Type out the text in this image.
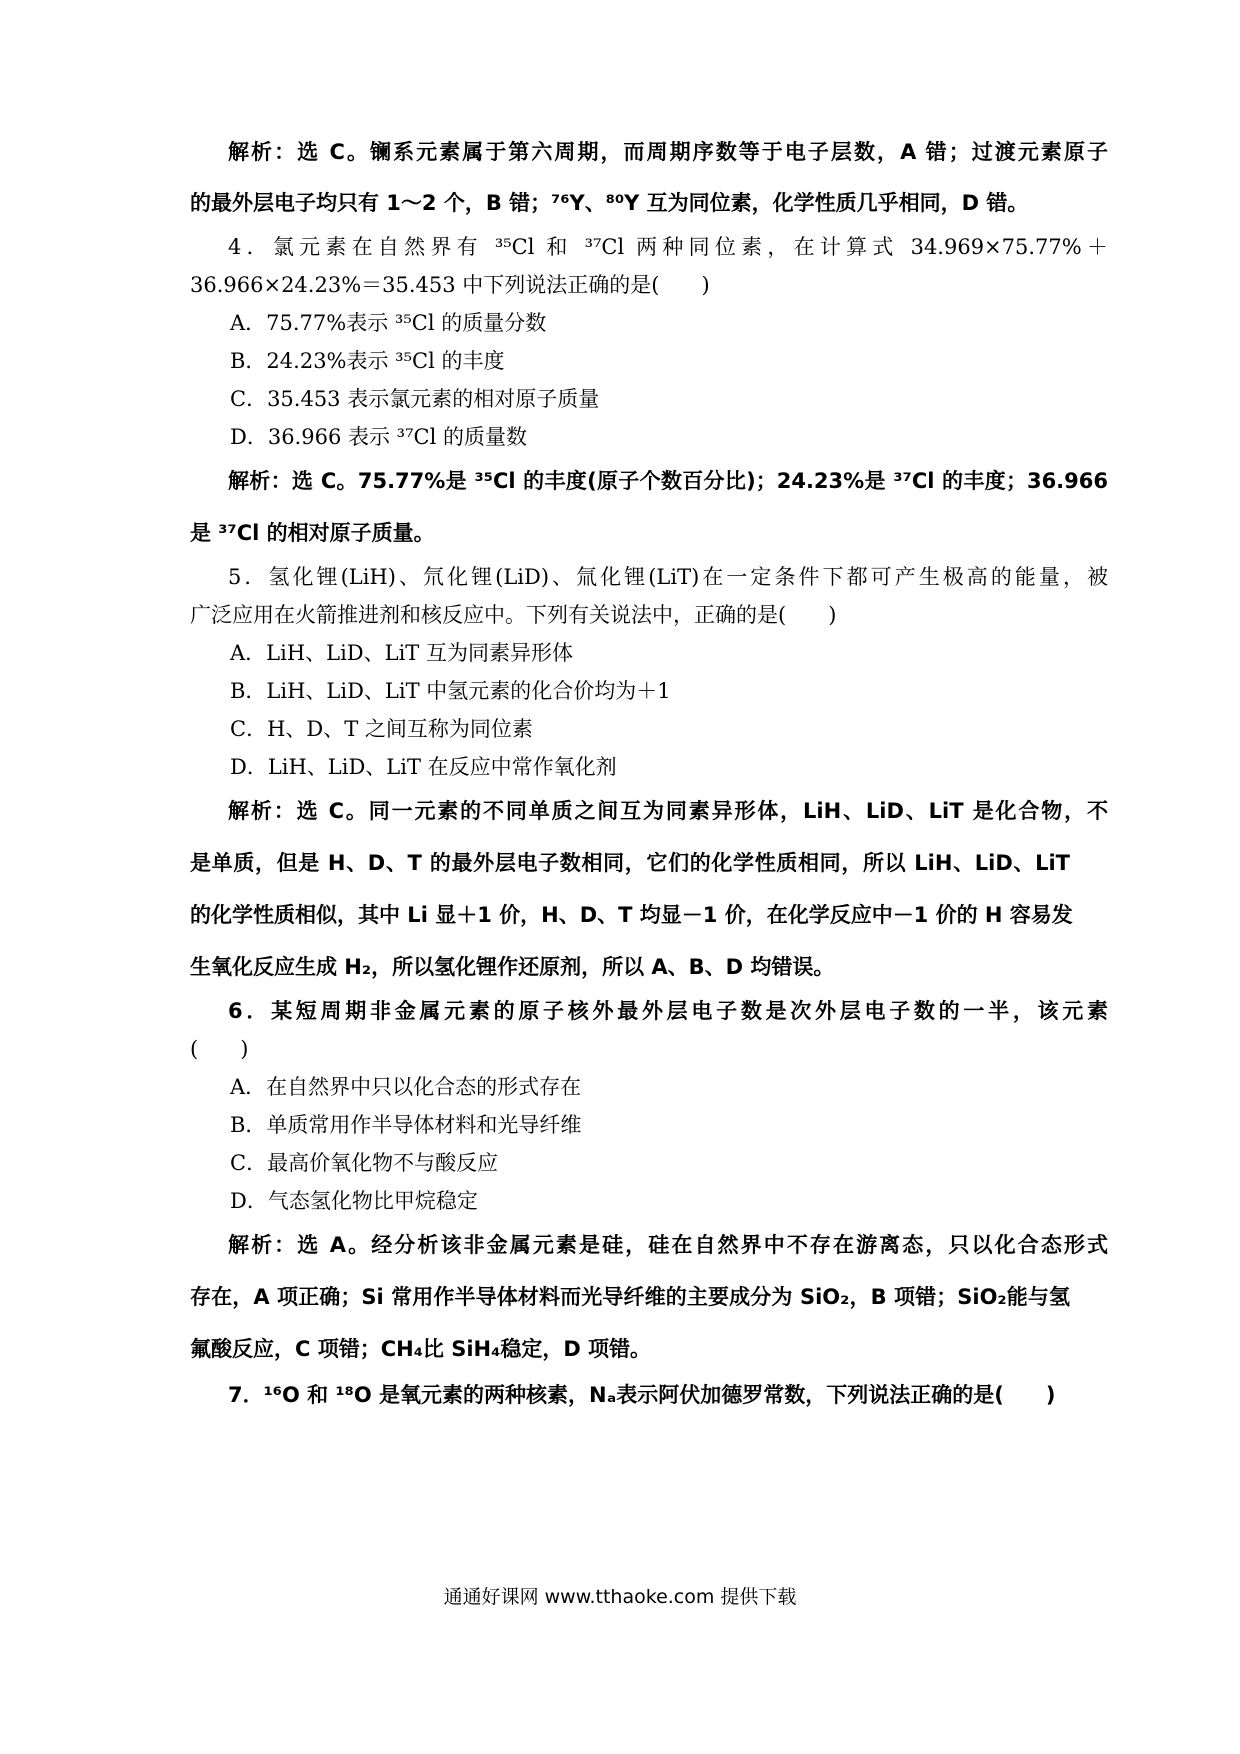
解析：选 C。镧系元素属于第六周期，而周期序数等于电子层数，A 错；过渡元素原子
的最外层电子均只有 1～2 个，B 错；⁷⁶Y、⁸⁰Y 互为同位素，化学性质几乎相同，D 错。
4．氯元素在自然界有 ³⁵Cl 和 ³⁷Cl 两种同位素，在计算式 34.969×75.77%＋
36.966×24.23%＝35.453 中下列说法正确的是(　　)
A．75.77%表示 ³⁵Cl 的质量分数
B．24.23%表示 ³⁵Cl 的丰度
C．35.453 表示氯元素的相对原子质量
D．36.966 表示 ³⁷Cl 的质量数
解析：选 C。75.77%是 ³⁵Cl 的丰度(原子个数百分比)；24.23%是 ³⁷Cl 的丰度；36.966
是 ³⁷Cl 的相对原子质量。
5．氢化锂(LiH)、氘化锂(LiD)、氚化锂(LiT)在一定条件下都可产生极高的能量，被
广泛应用在火箭推进剂和核反应中。下列有关说法中，正确的是(　　)
A．LiH、LiD、LiT 互为同素异形体
B．LiH、LiD、LiT 中氢元素的化合价均为＋1
C．H、D、T 之间互称为同位素
D．LiH、LiD、LiT 在反应中常作氧化剂
解析：选 C。同一元素的不同单质之间互为同素异形体，LiH、LiD、LiT 是化合物，不
是单质，但是 H、D、T 的最外层电子数相同，它们的化学性质相同，所以 LiH、LiD、LiT
的化学性质相似，其中 Li 显＋1 价，H、D、T 均显－1 价，在化学反应中－1 价的 H 容易发
生氧化反应生成 H₂，所以氢化锂作还原剂，所以 A、B、D 均错误。
6．某短周期非金属元素的原子核外最外层电子数是次外层电子数的一半，该元素
(　　)
A．在自然界中只以化合态的形式存在
B．单质常用作半导体材料和光导纤维
C．最高价氧化物不与酸反应
D．气态氢化物比甲烷稳定
解析：选 A。经分析该非金属元素是硅，硅在自然界中不存在游离态，只以化合态形式
存在，A 项正确；Si 常用作半导体材料而光导纤维的主要成分为 SiO₂，B 项错；SiO₂能与氢
氟酸反应，C 项错；CH₄比 SiH₄稳定，D 项错。
7．¹⁶O 和 ¹⁸O 是氧元素的两种核素，Nₐ表示阿伏加德罗常数，下列说法正确的是(　　)
通通好课网 www.tthaoke.com 提供下载
